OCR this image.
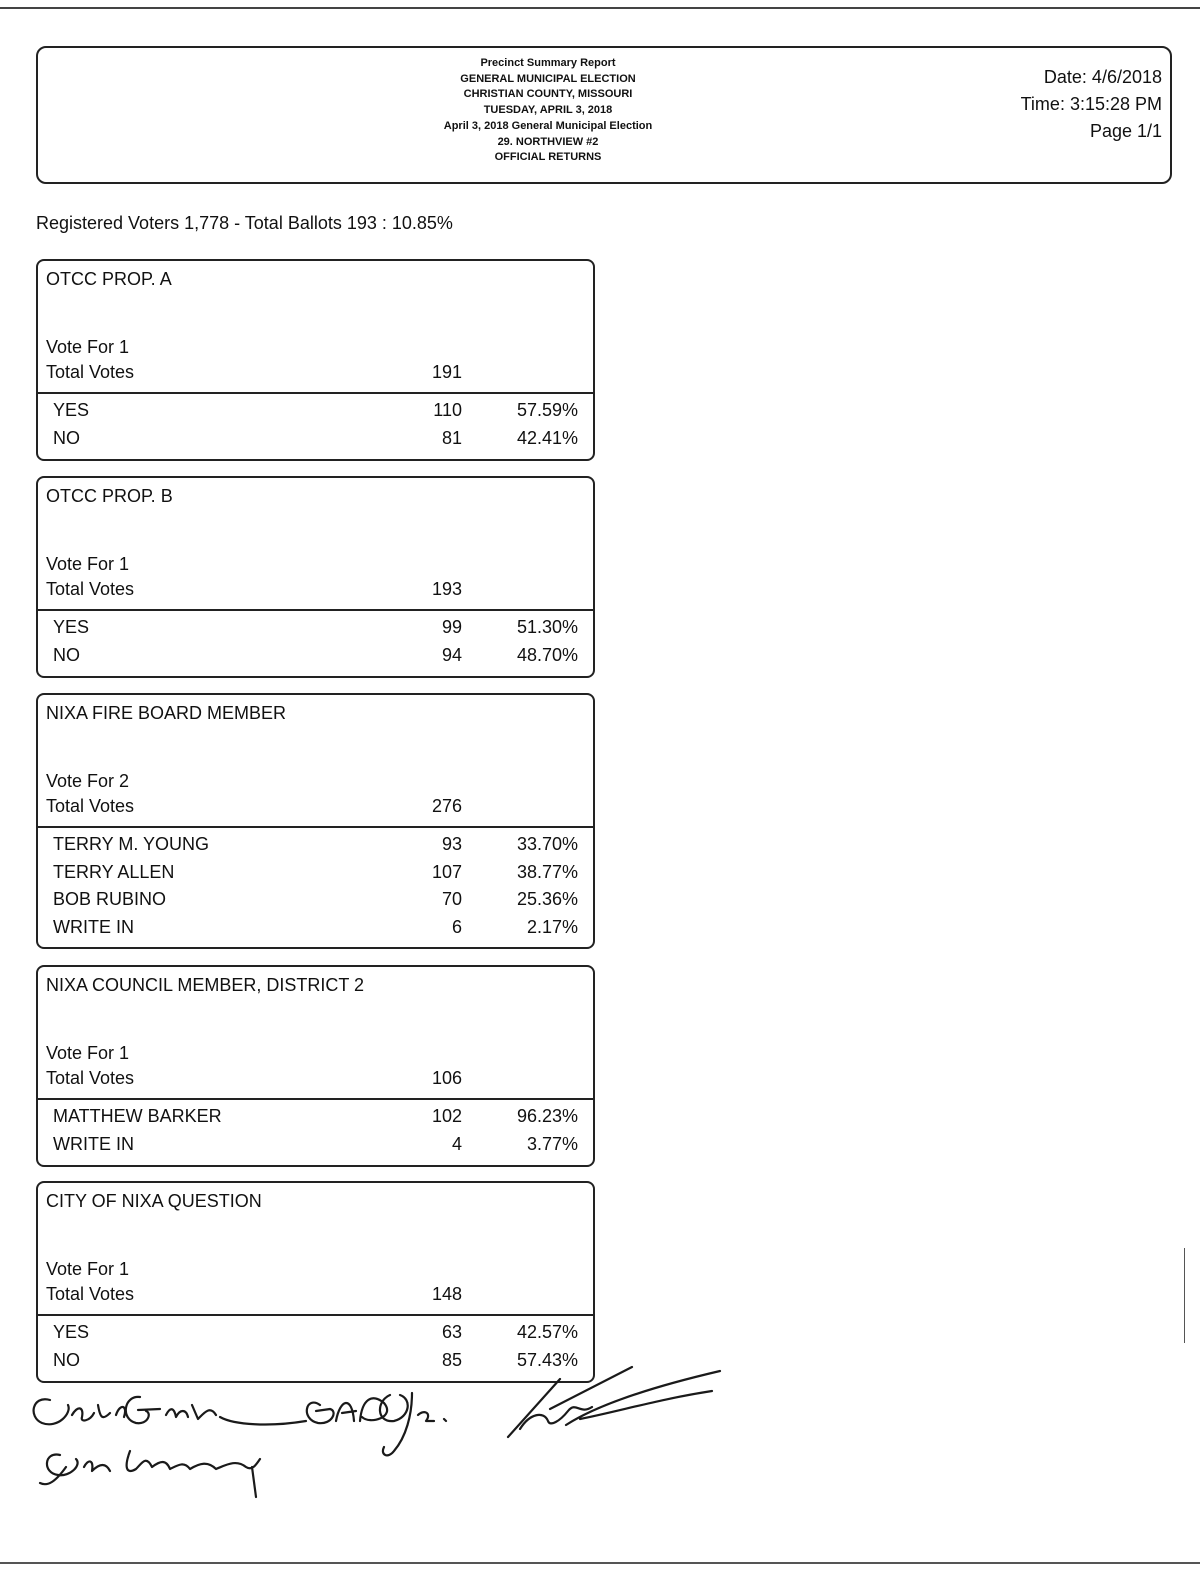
Precinct Summary Report
GENERAL MUNICIPAL ELECTION
CHRISTIAN COUNTY, MISSOURI
TUESDAY, APRIL 3, 2018
April 3, 2018 General Municipal Election
29. NORTHVIEW #2
OFFICIAL RETURNS
Date: 4/6/2018
Time: 3:15:28 PM
Page 1/1
Registered Voters 1,778 - Total Ballots 193 : 10.85%
OTCC PROP. A
Vote For 1
Total Votes	191
YES	110	57.59%
NO	81	42.41%
OTCC PROP. B
Vote For 1
Total Votes	193
YES	99	51.30%
NO	94	48.70%
NIXA FIRE BOARD MEMBER
Vote For 2
Total Votes	276
TERRY M. YOUNG	93	33.70%
TERRY ALLEN	107	38.77%
BOB RUBINO	70	25.36%
WRITE IN	6	2.17%
NIXA COUNCIL MEMBER, DISTRICT 2
Vote For 1
Total Votes	106
MATTHEW BARKER	102	96.23%
WRITE IN	4	3.77%
CITY OF NIXA QUESTION
Vote For 1
Total Votes	148
YES	63	42.57%
NO	85	57.43%
